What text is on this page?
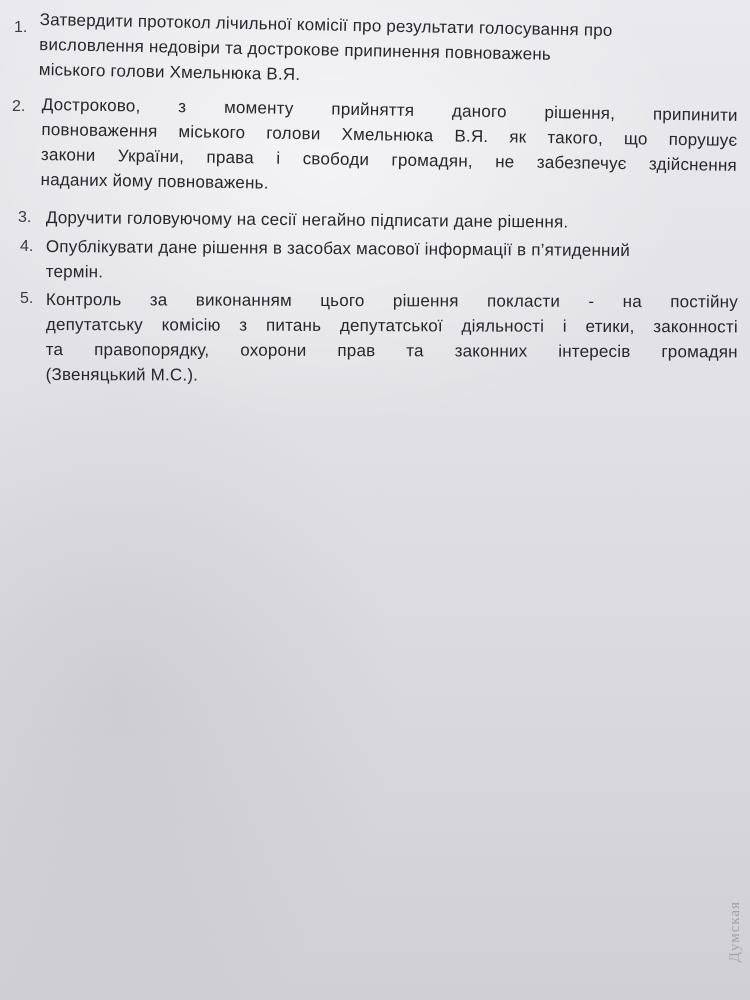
1. Затвердити протокол лічильної комісії про результати голосування про
висловлення недовіри та дострокове припинення повноважень
міського голови Хмельнюка В.Я.
2. Достроково, з моменту прийняття даного рішення, припинити
повноваження міського голови Хмельнюка В.Я. як такого, що порушує
закони України, права і свободи громадян, не забезпечує здійснення
наданих йому повноважень.
3. Доручити головуючому на сесії негайно підписати дане рішення.
4. Опублікувати дане рішення в засобах масової інформації в п’ятиденний
термін.
5. Контроль за виконанням цього рішення покласти - на постійну
депутатську комісію з питань депутатської діяльності і етики, законності
та правопорядку, охорони прав та законних інтересів громадян
(Звеняцький М.С.).
Думская
